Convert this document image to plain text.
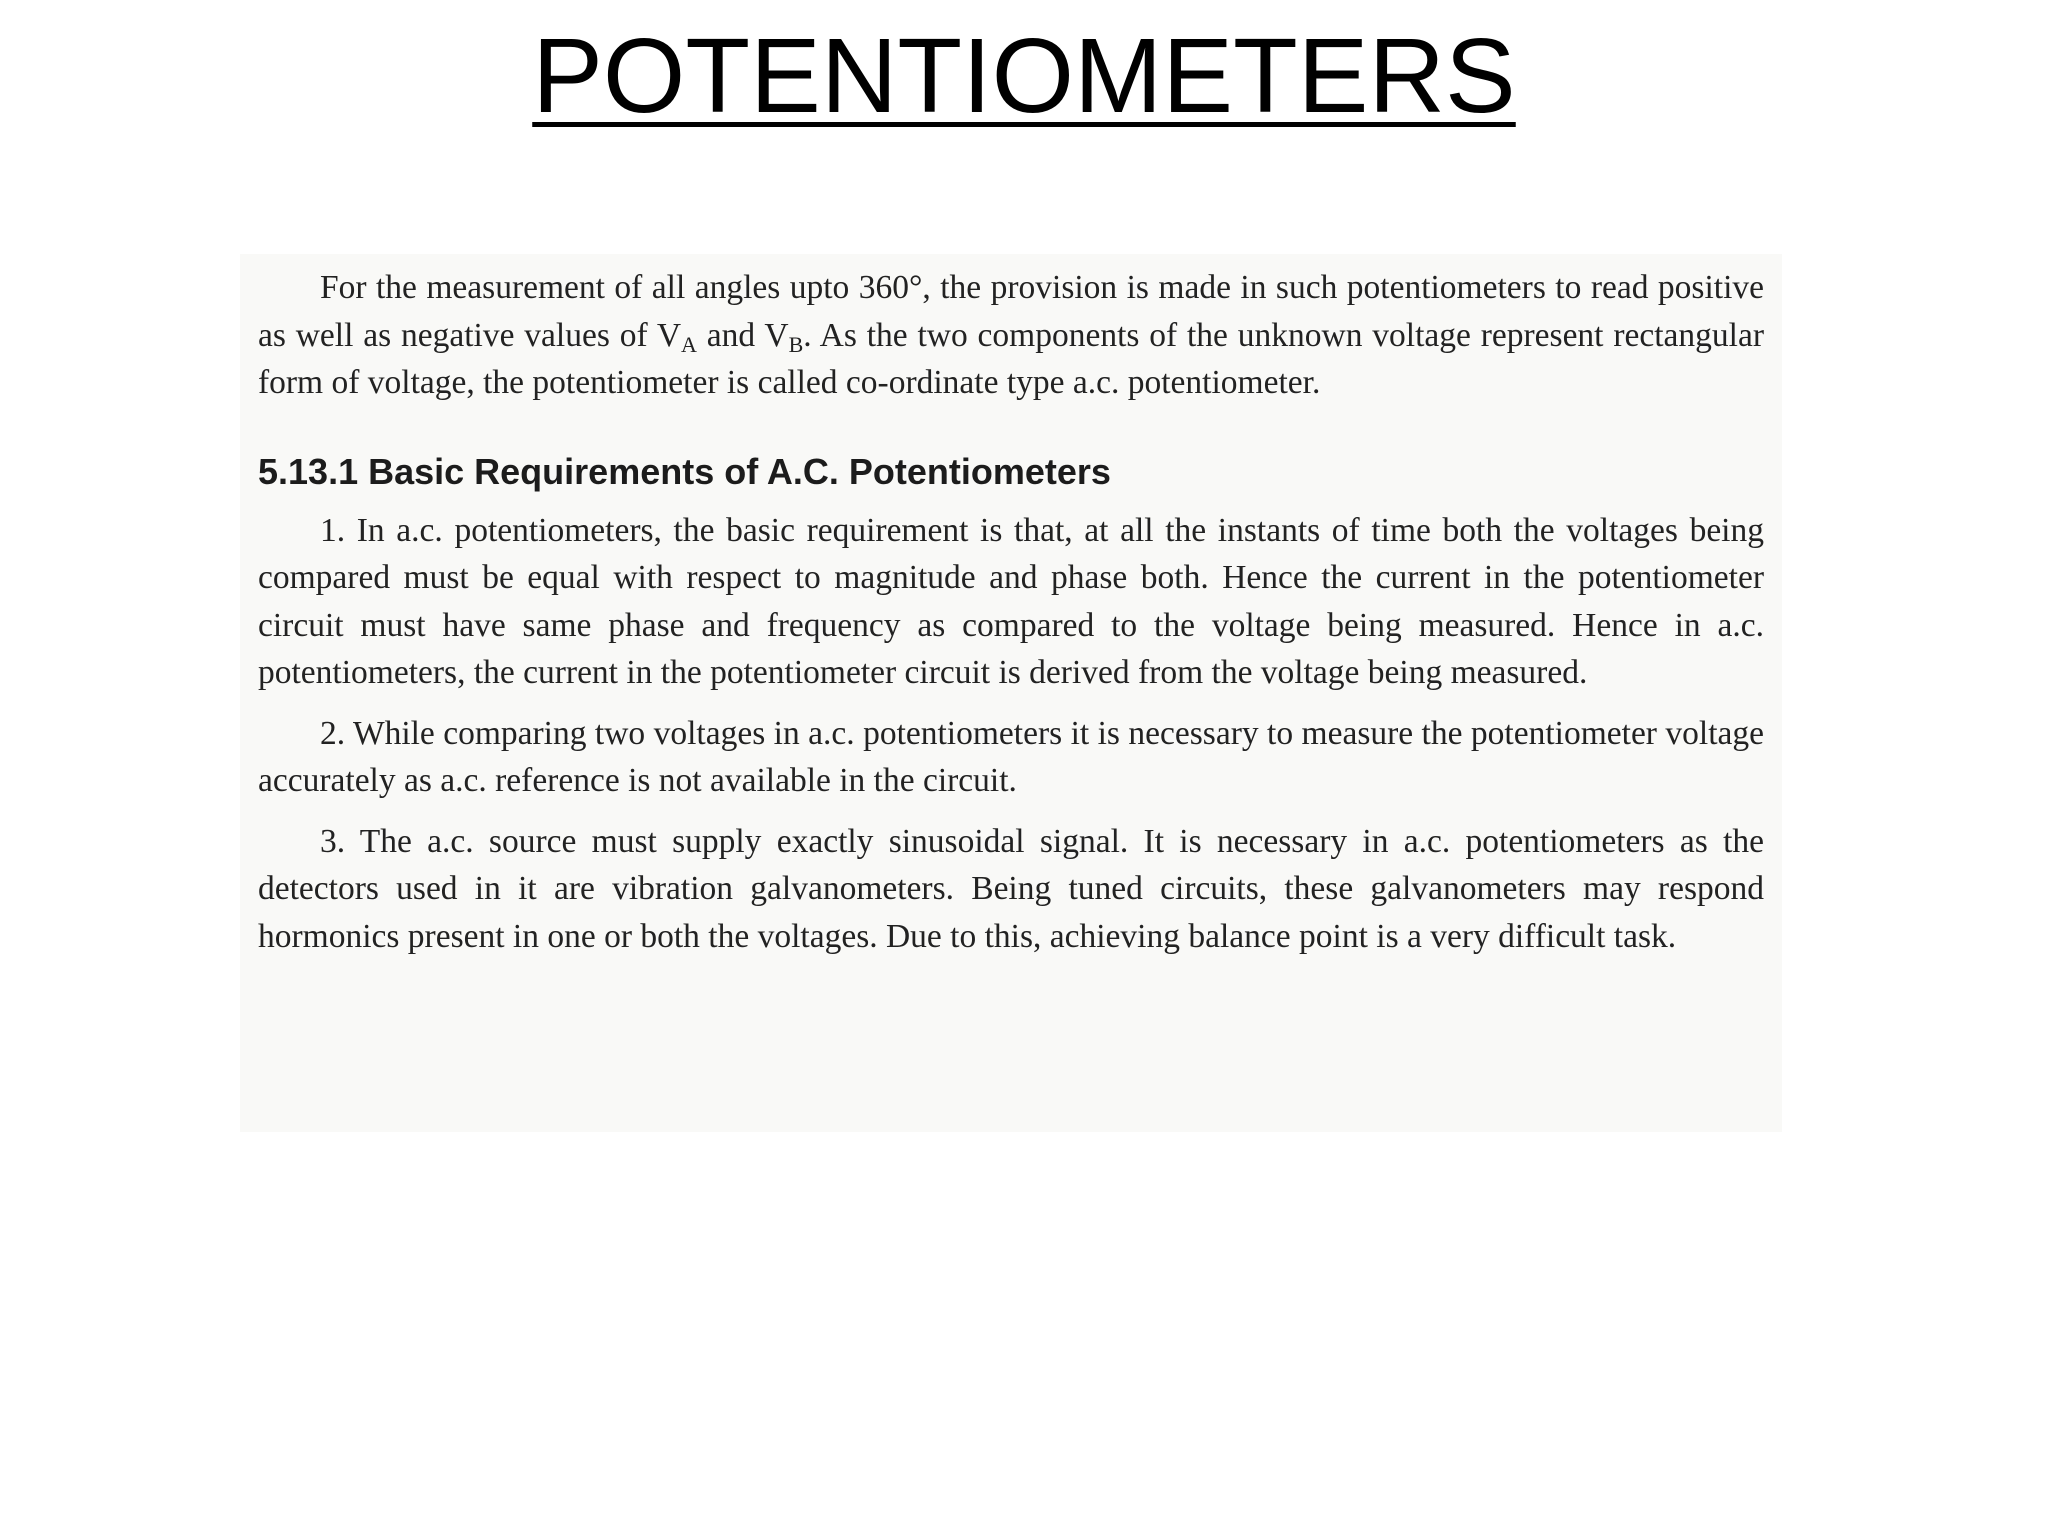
POTENTIOMETERS

For the measurement of all angles upto 360°, the provision is made in such potentiometers to read positive as well as negative values of $V_A$ and $V_B$. As the two components of the unknown voltage represent rectangular form of voltage, the potentiometer is called co-ordinate type a.c. potentiometer.

5.13.1 Basic Requirements of A.C. Potentiometers

1. In a.c. potentiometers, the basic requirement is that, at all the instants of time both the voltages being compared must be equal with respect to magnitude and phase both. Hence the current in the potentiometer circuit must have same phase and frequency as compared to the voltage being measured. Hence in a.c. potentiometers, the current in the potentiometer circuit is derived from the voltage being measured.

2. While comparing two voltages in a.c. potentiometers it is necessary to measure the potentiometer voltage accurately as a.c. reference is not available in the circuit.

3. The a.c. source must supply exactly sinusoidal signal. It is necessary in a.c. potentiometers as the detectors used in it are vibration galvanometers. Being tuned circuits, these galvanometers may respond hormonics present in one or both the voltages. Due to this, achieving balance point is a very difficult task.
